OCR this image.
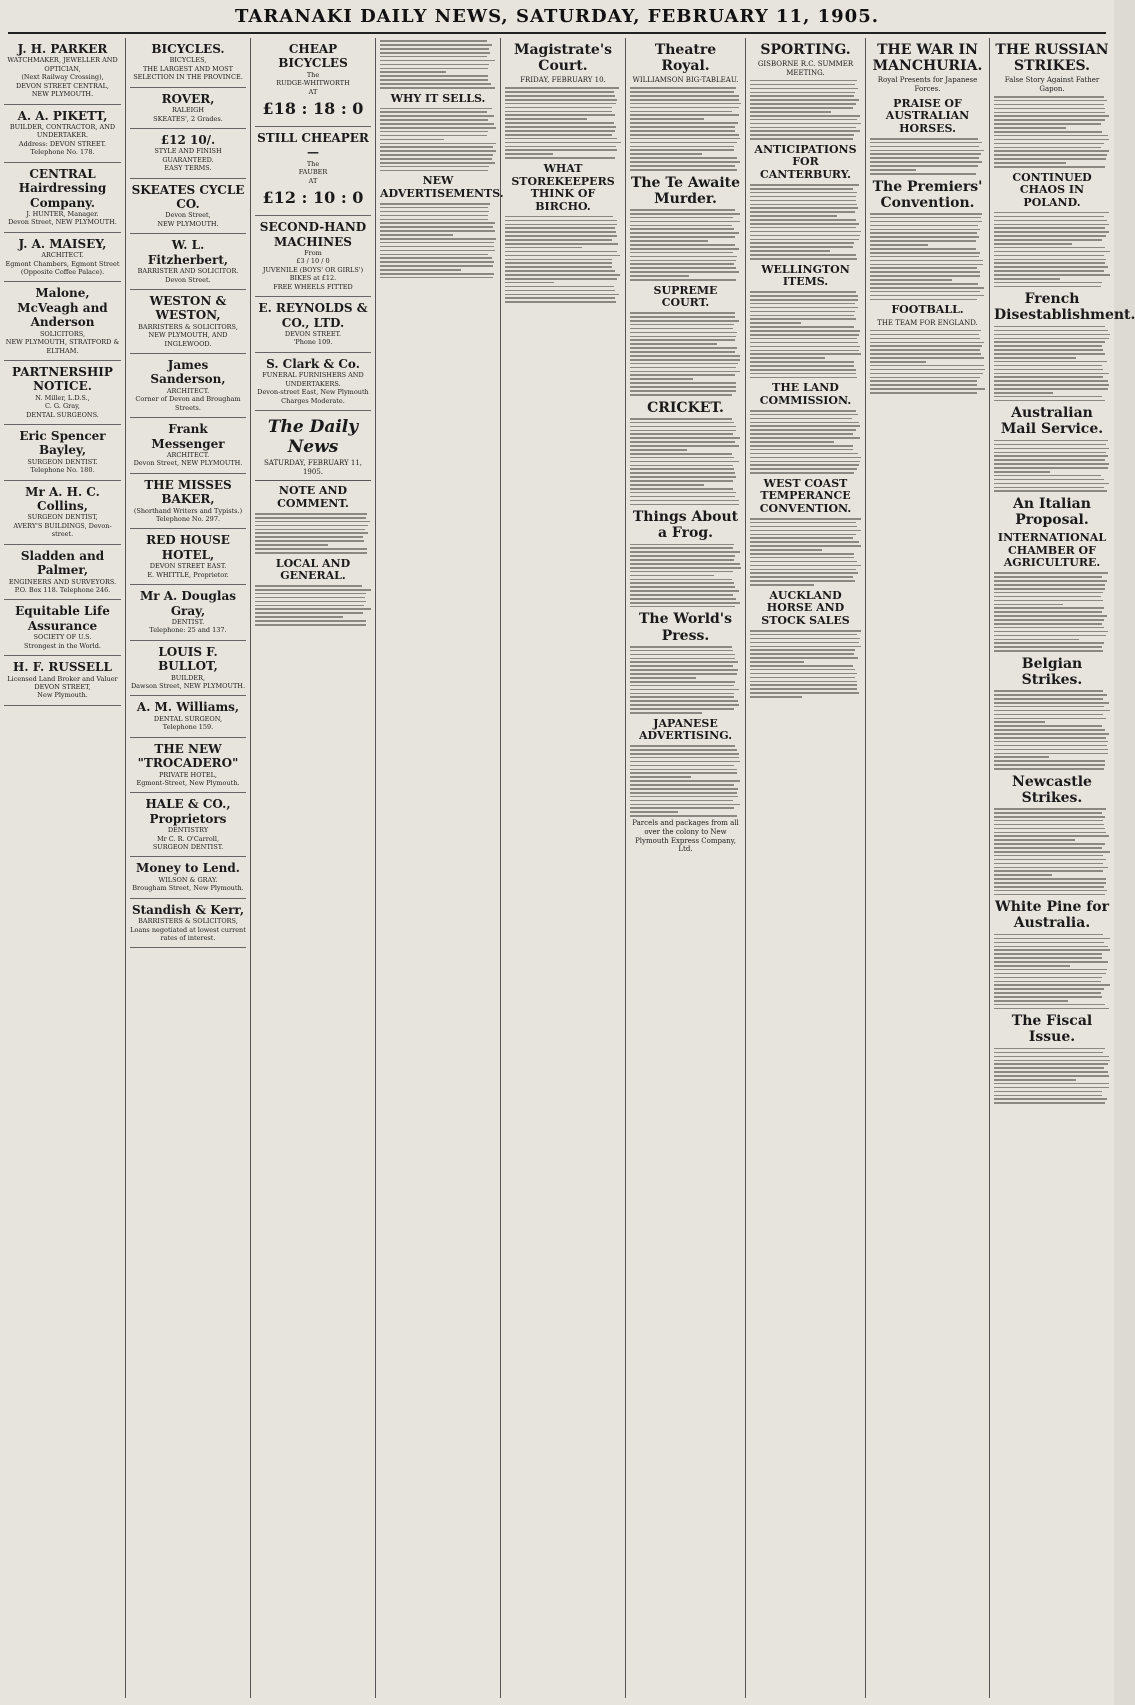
TARANAKI DAILY NEWS, SATURDAY, FEBRUARY 11, 1905.
J. H. PARKER
WATCHMAKER, JEWELLER AND
OPTICIAN,
(Next Railway Crossing),
DEVON STREET CENTRAL,
NEW PLYMOUTH.
A. A. PIKETT,
BUILDER, CONTRACTOR, AND UNDERTAKER.
Address: DEVON STREET.
Telephone No. 178.
CENTRAL Hairdressing Company.
J. HUNTER, Manager.
Devon Street, NEW PLYMOUTH.
J. A. MAISEY,
ARCHITECT.
Egmont Chambers, Egmont Street (Opposite Coffee Palace).
Malone, McVeagh and Anderson
SOLICITORS,
NEW PLYMOUTH, STRATFORD & ELTHAM.
PARTNERSHIP NOTICE.
N. Miller, L.D.S.,
C. G. Gray,
DENTAL SURGEONS.
Eric Spencer Bayley,
SURGEON DENTIST.
Telephone No. 180.
Mr A. H. C. Collins,
SURGEON DENTIST,
AVERY'S BUILDINGS, Devon-street.
Sladden and Palmer,
ENGINEERS AND SURVEYORS.
P.O. Box 118. Telephone 246.
Equitable Life Assurance
SOCIETY OF U.S.
Strongest in the World.
H. F. RUSSELL
Licensed Land Broker and Valuer
DEVON STREET,
New Plymouth.
BICYCLES.
BICYCLES,
THE LARGEST AND MOST SELECTION IN THE PROVINCE.
ROVER,
RALEIGH
SKEATES', 2 Grades.
£12 10/.
STYLE AND FINISH GUARANTEED.
EASY TERMS.
SKEATES CYCLE CO.
Devon Street,
NEW PLYMOUTH.
W. L. Fitzherbert,
BARRISTER AND SOLICITOR.
Devon Street.
WESTON & WESTON,
BARRISTERS & SOLICITORS,
NEW PLYMOUTH, AND INGLEWOOD.
James Sanderson,
ARCHITECT.
Corner of Devon and Brougham Streets.
Frank Messenger
ARCHITECT.
Devon Street, NEW PLYMOUTH.
THE MISSES BAKER,
(Shorthand Writers and Typists.)
Telephone No. 297.
RED HOUSE HOTEL,
DEVON STREET EAST.
E. WHITTLE, Proprietor.
Mr A. Douglas Gray,
DENTIST.
Telephone: 25 and 137.
LOUIS F. BULLOT,
BUILDER,
Dawson Street, NEW PLYMOUTH.
A. M. Williams,
DENTAL SURGEON,
Telephone 159.
THE NEW "TROCADERO"
PRIVATE HOTEL,
Egmont-Street, New Plymouth.
HALE & CO., Proprietors
DENTISTRY
Mr C. R. O'Carroll,
SURGEON DENTIST.
Money to Lend.
WILSON & GRAY.
Brougham Street, New Plymouth.
Standish & Kerr,
BARRISTERS & SOLICITORS,
Loans negotiated at lowest current rates of interest.
CHEAP BICYCLES
The
RUDGE-WHITWORTH
AT
£18 : 18 : 0
STILL CHEAPER—
The
FAUBER
AT
£12 : 10 : 0
SECOND-HAND MACHINES
From
£3 / 10 / 0
JUVENILE (BOYS' OR GIRLS') BIKES at £12.
FREE WHEELS FITTED
E. REYNOLDS & CO., LTD.
DEVON STREET.
'Phone 109.
S. Clark & Co.
FUNERAL FURNISHERS AND UNDERTAKERS.
Devon-street East, New Plymouth
Charges Moderate.
The Daily News
SATURDAY, FEBRUARY 11, 1905.
NOTE AND COMMENT.
LOCAL AND GENERAL.
WHY IT SELLS.
NEW ADVERTISEMENTS.
Magistrate's Court.
FRIDAY, FEBRUARY 10.
WHAT STOREKEEPERS THINK OF BIRCHO.
Theatre Royal.
WILLIAMSON BIG-TABLEAU.
The Te Awaite Murder.
SUPREME COURT.
CRICKET.
Things About a Frog.
The World's Press.
JAPANESE ADVERTISING.
Parcels and packages from all over the colony to New Plymouth Express Company, Ltd.
SPORTING.
GISBORNE R.C. SUMMER MEETING.
ANTICIPATIONS FOR CANTERBURY.
WELLINGTON ITEMS.
THE LAND COMMISSION.
WEST COAST TEMPERANCE CONVENTION.
AUCKLAND HORSE AND STOCK SALES
THE WAR IN MANCHURIA.
Royal Presents for Japanese Forces.
PRAISE OF AUSTRALIAN HORSES.
The Premiers' Convention.
FOOTBALL.
THE TEAM FOR ENGLAND.
THE RUSSIAN STRIKES.
False Story Against Father Gapon.
CONTINUED CHAOS IN POLAND.
French Disestablishment.
Australian Mail Service.
An Italian Proposal.
INTERNATIONAL CHAMBER OF AGRICULTURE.
Belgian Strikes.
Newcastle Strikes.
White Pine for Australia.
The Fiscal Issue.
